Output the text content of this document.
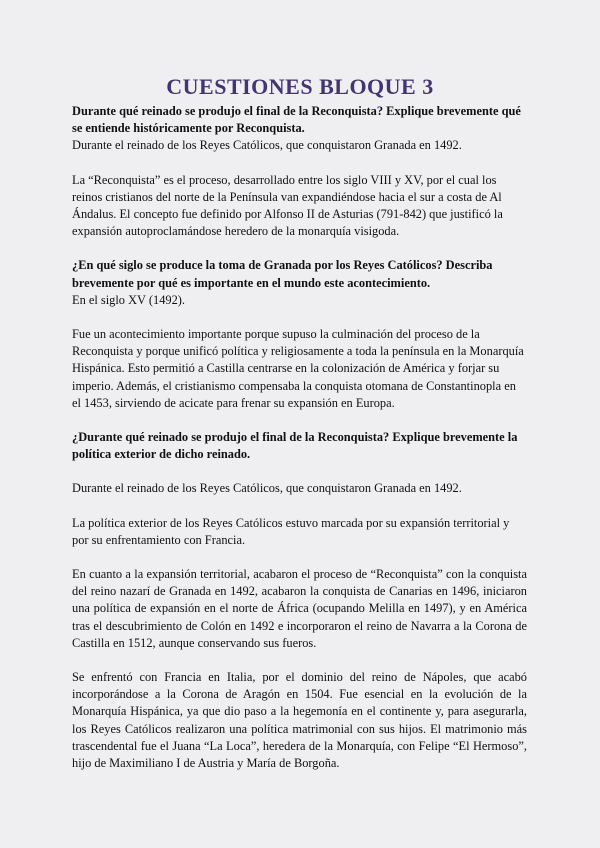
CUESTIONES BLOQUE 3

Durante qué reinado se produjo el final de la Reconquista? Explique brevemente qué se entiende históricamente por Reconquista.

Durante el reinado de los Reyes Católicos, que conquistaron Granada en 1492.

La “Reconquista” es el proceso, desarrollado entre los siglo VIII y XV, por el cual los reinos cristianos del norte de la Península van expandiéndose hacia el sur a costa de Al Ándalus. El concepto fue definido por Alfonso II de Asturias (791-842) que justificó la expansión autoproclamándose heredero de la monarquía visigoda.

¿En qué siglo se produce la toma de Granada por los Reyes Católicos? Describa brevemente por qué es importante en el mundo este acontecimiento.

En el siglo XV (1492).

Fue un acontecimiento importante porque supuso la culminación del proceso de la Reconquista y porque unificó política y religiosamente a toda la península en la Monarquía Hispánica. Esto permitió a Castilla centrarse en la colonización de América y forjar su imperio. Además, el cristianismo compensaba la conquista otomana de Constantinopla en el 1453, sirviendo de acicate para frenar su expansión en Europa.

¿Durante qué reinado se produjo el final de la Reconquista? Explique brevemente la política exterior de dicho reinado.

Durante el reinado de los Reyes Católicos, que conquistaron Granada en 1492.

La política exterior de los Reyes Católicos estuvo marcada por su expansión territorial y por su enfrentamiento con Francia.

En cuanto a la expansión territorial, acabaron el proceso de “Reconquista” con la conquista del reino nazarí de Granada en 1492, acabaron la conquista de Canarias en 1496, iniciaron una política de expansión en el norte de África (ocupando Melilla en 1497), y en América tras el descubrimiento de Colón en 1492 e incorporaron el reino de Navarra a la Corona de Castilla en 1512, aunque conservando sus fueros.

Se enfrentó con Francia en Italia, por el dominio del reino de Nápoles, que acabó incorporándose a la Corona de Aragón en 1504. Fue esencial en la evolución de la Monarquía Hispánica, ya que dio paso a la hegemonía en el continente y, para asegurarla, los Reyes Católicos realizaron una política matrimonial con sus hijos. El matrimonio más trascendental fue el Juana “La Loca”, heredera de la Monarquía, con Felipe “El Hermoso”, hijo de Maximiliano I de Austria y María de Borgoña.
